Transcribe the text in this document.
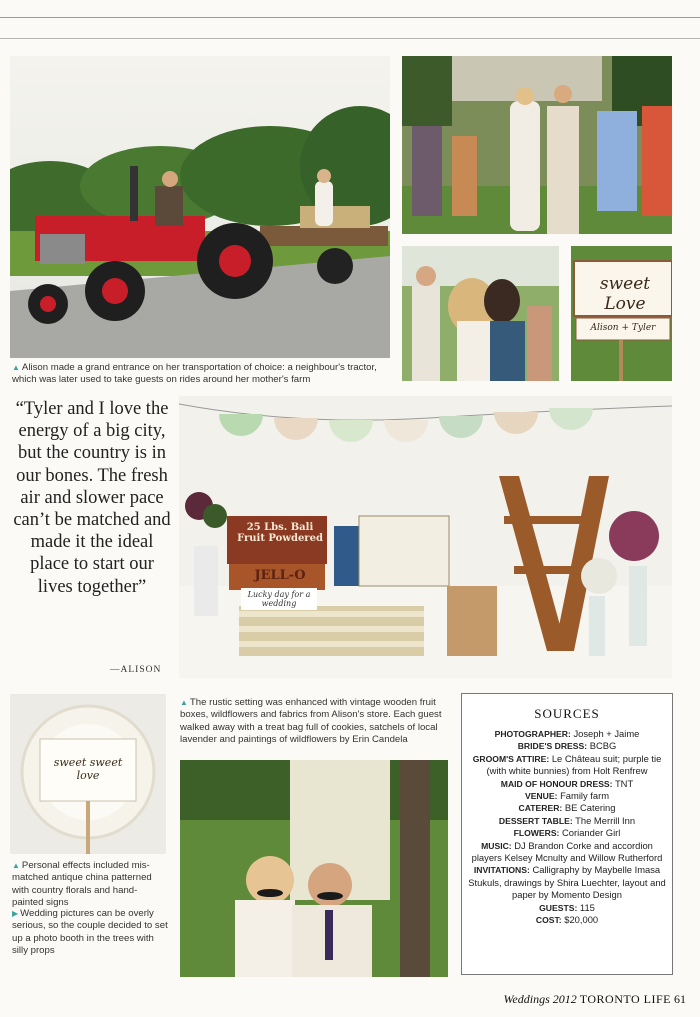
▲ Alison made a grand entrance on her transportation of choice: a neighbour's tractor, which was later used to take guests on rides around her mother's farm
sweet Love
Alison + Tyler
“Tyler and I love the energy of a big city, but the country is in our bones. The fresh air and slower pace can’t be matched and made it the ideal place to start our lives together”
—ALISON
25 Lbs. Bali Fruit Powdered
JELL-O
Lucky day for a wedding
▲ The rustic setting was enhanced with vintage wooden fruit boxes, wildflowers and fabrics from Alison's store. Each guest walked away with a treat bag full of cookies, satchels of local lavender and paintings of wildflowers by Erin Candela
sweet sweet love
▲ Personal effects included mis-matched antique china patterned with country florals and hand-painted signs
▶ Wedding pictures can be overly serious, so the couple decided to set up a photo booth in the trees with silly props
SOURCES
PHOTOGRAPHER: Joseph + Jaime
BRIDE'S DRESS: BCBG
GROOM'S ATTIRE: Le Château suit; purple tie (with white bunnies) from Holt Renfrew
MAID OF HONOUR DRESS: TNT
VENUE: Family farm
CATERER: BE Catering
DESSERT TABLE: The Merrill Inn
FLOWERS: Coriander Girl
MUSIC: DJ Brandon Corke and accordion players Kelsey Mcnulty and Willow Rutherford
INVITATIONS: Calligraphy by Maybelle Imasa Stukuls, drawings by Shira Luechter, layout and paper by Momento Design
GUESTS: 115
COST: $20,000
Weddings 2012 TORONTO LIFE 61
